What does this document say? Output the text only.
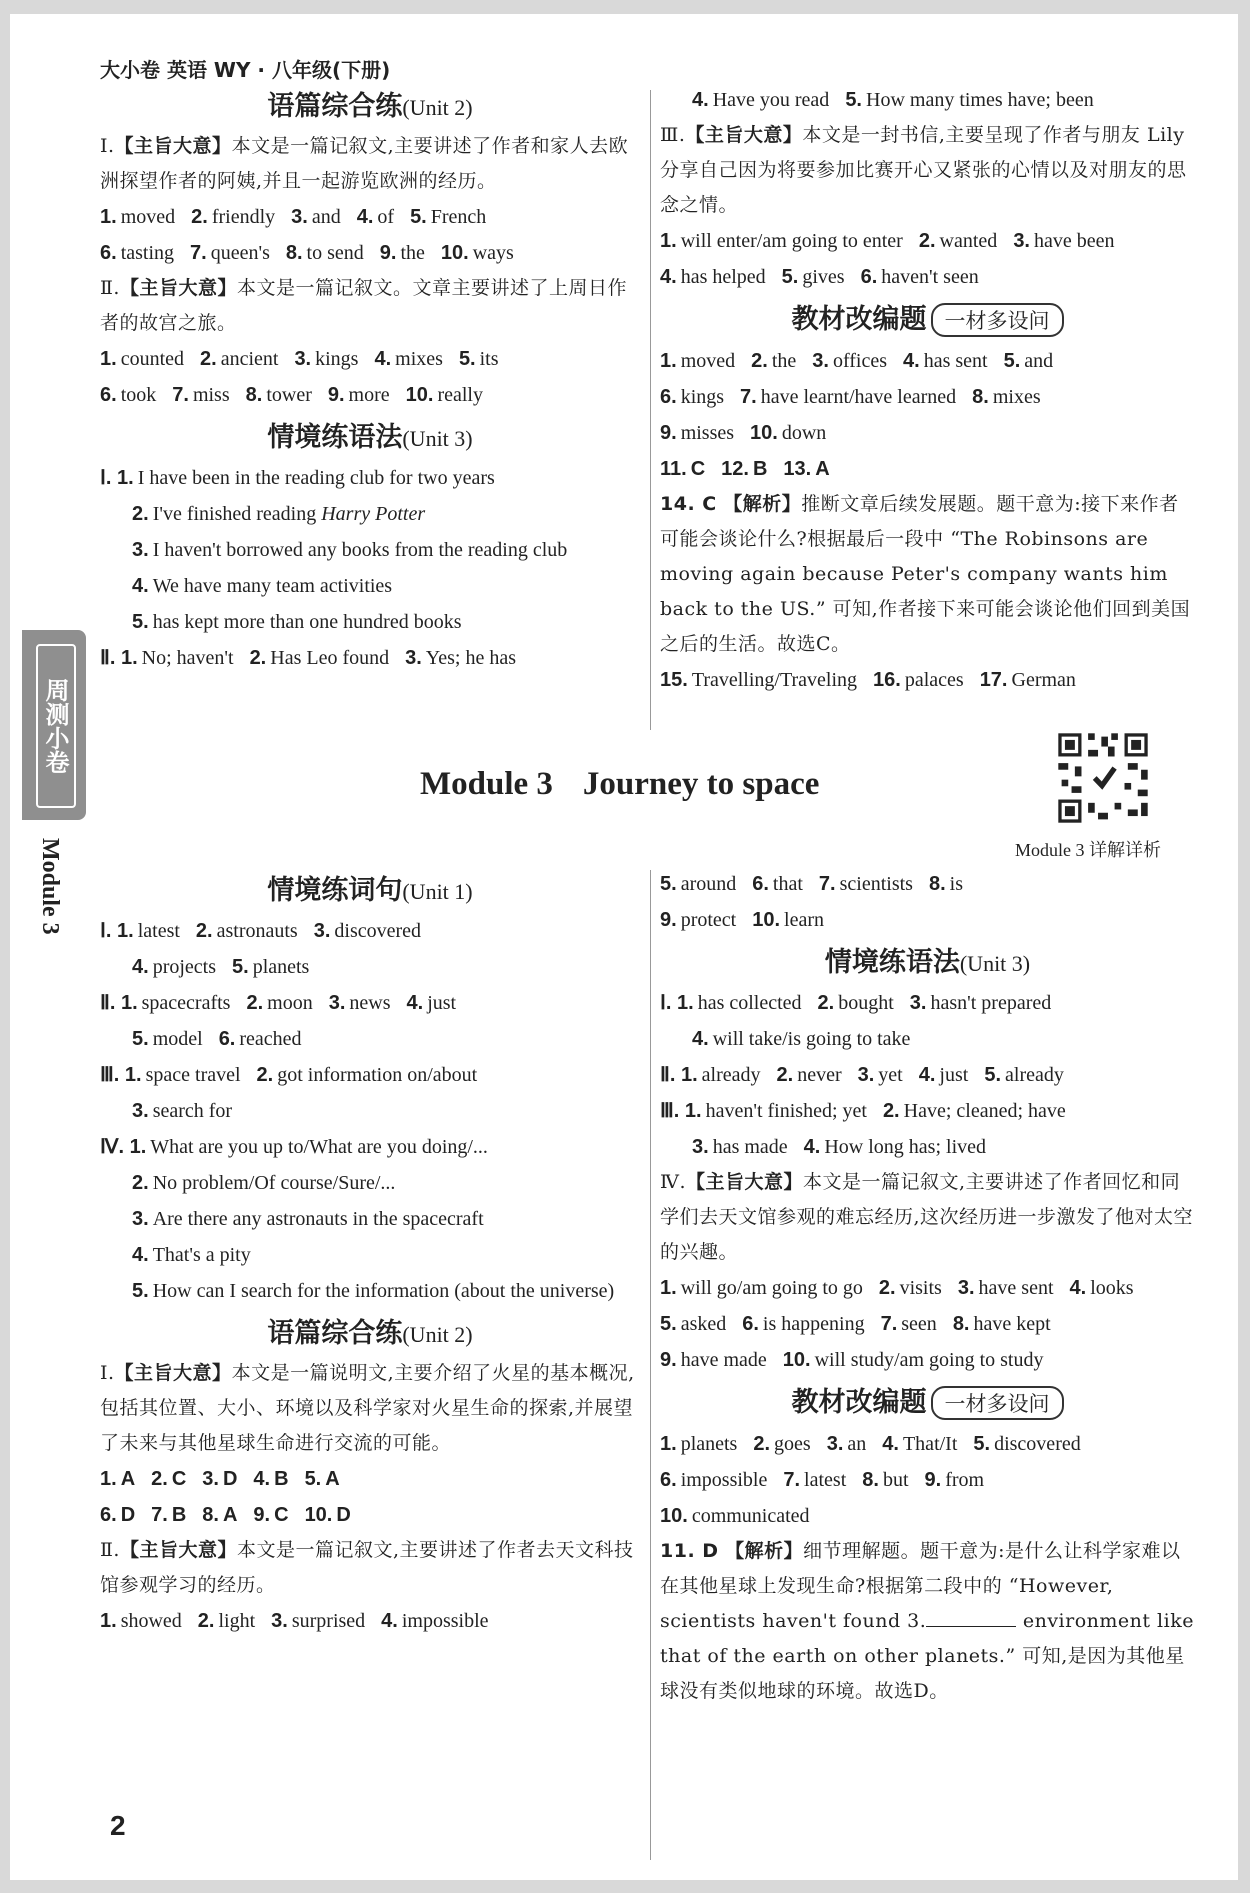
大小卷 英语 WY · 八年级(下册)
周测小卷
Module 3
语篇综合练(Unit 2)
Ⅰ.【主旨大意】本文是一篇记叙文,主要讲述了作者和家人去欧洲探望作者的阿姨,并且一起游览欧洲的经历。
1. moved 2. friendly 3. and 4. of 5. French
6. tasting 7. queen's 8. to send 9. the 10. ways
Ⅱ.【主旨大意】本文是一篇记叙文。文章主要讲述了上周日作者的故宫之旅。
1. counted 2. ancient 3. kings 4. mixes 5. its
6. took 7. miss 8. tower 9. more 10. really
情境练语法(Unit 3)
Ⅰ. 1. I have been in the reading club for two years
2. I've finished reading Harry Potter
3. I haven't borrowed any books from the reading club
4. We have many team activities
5. has kept more than one hundred books
Ⅱ. 1. No; haven't 2. Has Leo found 3. Yes; he has
4. Have you read 5. How many times have; been
Ⅲ.【主旨大意】本文是一封书信,主要呈现了作者与朋友 Lily 分享自己因为将要参加比赛开心又紧张的心情以及对朋友的思念之情。
1. will enter/am going to enter 2. wanted 3. have been
4. has helped 5. gives 6. haven't seen
教材改编题 一材多设问
1. moved 2. the 3. offices 4. has sent 5. and
6. kings 7. have learnt/have learned 8. mixes
9. misses 10. down
11. C 12. B 13. A
14. C 【解析】推断文章后续发展题。题干意为:接下来作者可能会谈论什么?根据最后一段中 “The Robinsons are moving again because Peter's company wants him back to the US.” 可知,作者接下来可能会谈论他们回到美国之后的生活。故选C。
15. Travelling/Traveling 16. palaces 17. German
Module 3 Journey to space
Module 3 详解详析
情境练词句(Unit 1)
Ⅰ. 1. latest 2. astronauts 3. discovered
4. projects 5. planets
Ⅱ. 1. spacecrafts 2. moon 3. news 4. just
5. model 6. reached
Ⅲ. 1. space travel 2. got information on/about
3. search for
Ⅳ. 1. What are you up to/What are you doing/...
2. No problem/Of course/Sure/...
3. Are there any astronauts in the spacecraft
4. That's a pity
5. How can I search for the information (about the universe)
语篇综合练(Unit 2)
Ⅰ.【主旨大意】本文是一篇说明文,主要介绍了火星的基本概况,包括其位置、大小、环境以及科学家对火星生命的探索,并展望了未来与其他星球生命进行交流的可能。
1. A 2. C 3. D 4. B 5. A
6. D 7. B 8. A 9. C 10. D
Ⅱ.【主旨大意】本文是一篇记叙文,主要讲述了作者去天文科技馆参观学习的经历。
1. showed 2. light 3. surprised 4. impossible
5. around 6. that 7. scientists 8. is
9. protect 10. learn
情境练语法(Unit 3)
Ⅰ. 1. has collected 2. bought 3. hasn't prepared
4. will take/is going to take
Ⅱ. 1. already 2. never 3. yet 4. just 5. already
Ⅲ. 1. haven't finished; yet 2. Have; cleaned; have
3. has made 4. How long has; lived
Ⅳ.【主旨大意】本文是一篇记叙文,主要讲述了作者回忆和同学们去天文馆参观的难忘经历,这次经历进一步激发了他对太空的兴趣。
1. will go/am going to go 2. visits 3. have sent 4. looks
5. asked 6. is happening 7. seen 8. have kept
9. have made 10. will study/am going to study
教材改编题 一材多设问
1. planets 2. goes 3. an 4. That/It 5. discovered
6. impossible 7. latest 8. but 9. from
10. communicated
11. D 【解析】细节理解题。题干意为:是什么让科学家难以在其他星球上发现生命?根据第二段中的 “However, scientists haven't found 3.	environment like that of the earth on other planets.” 可知,是因为其他星球没有类似地球的环境。故选D。
2
